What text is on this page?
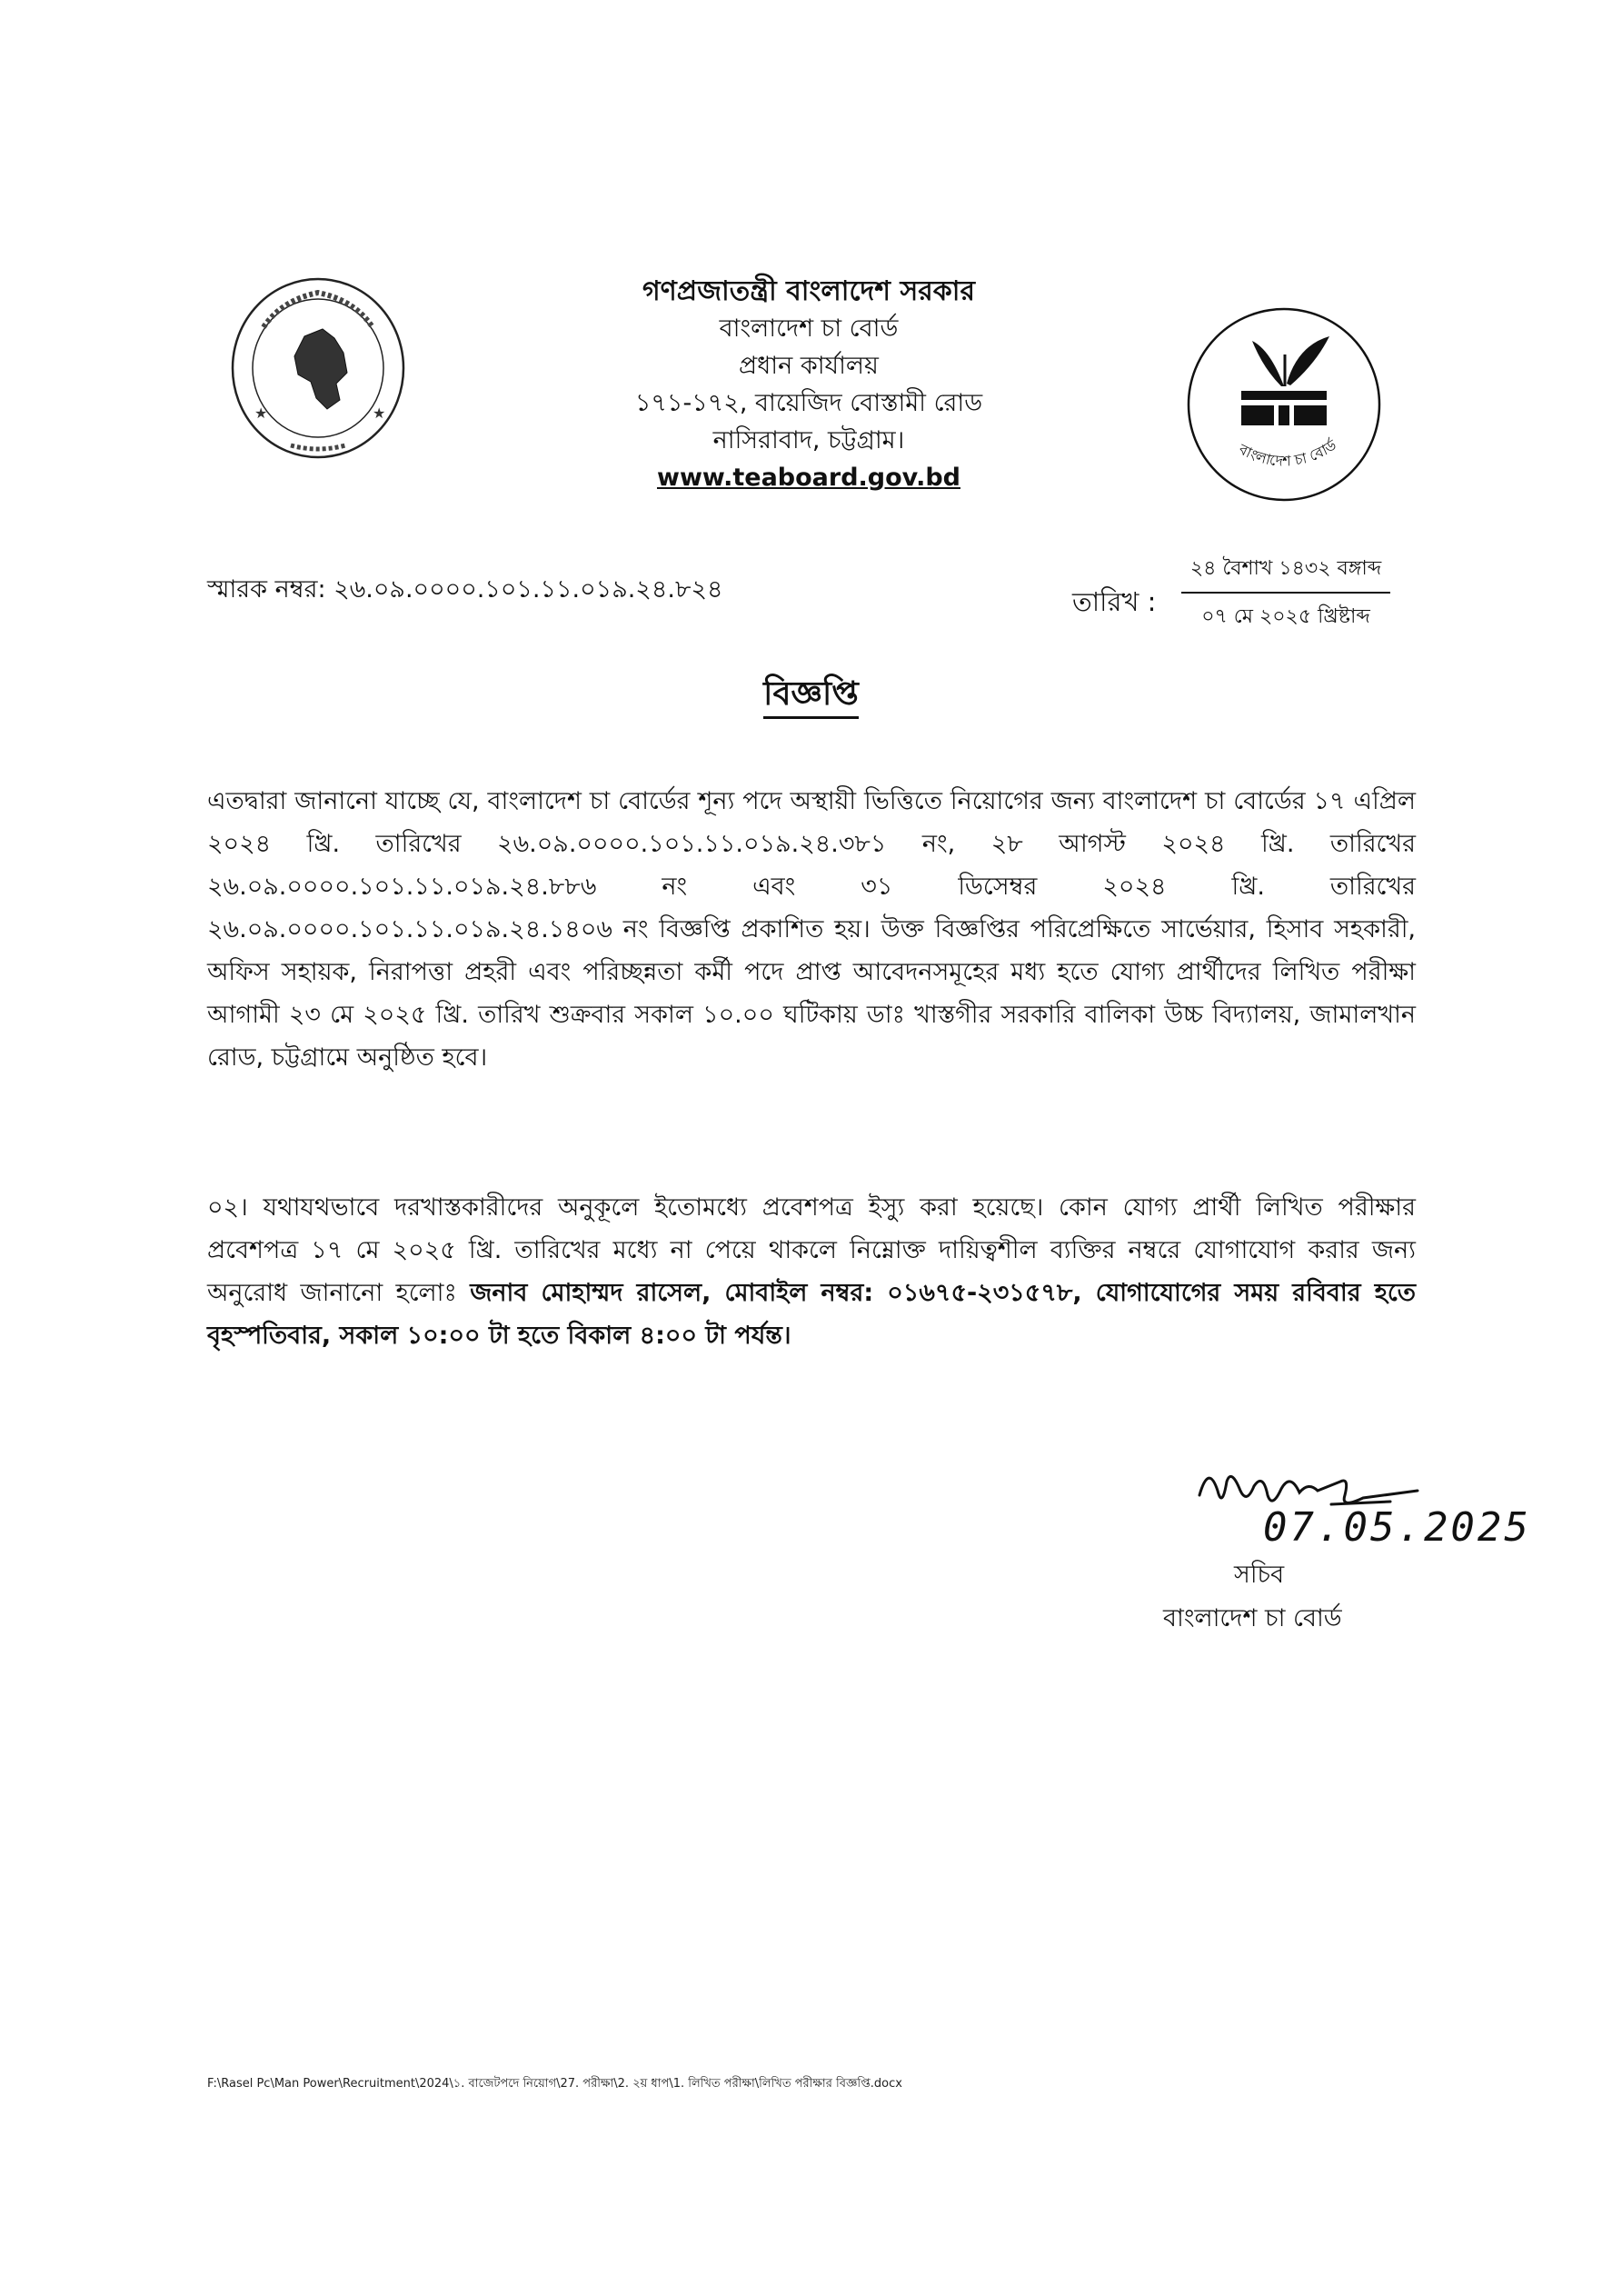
★	★
গণপ্রজাতন্ত্রী বাংলাদেশ সরকার
বাংলাদেশ চা বোর্ড
প্রধান কার্যালয়
১৭১-১৭২, বায়েজিদ বোস্তামী রোড
নাসিরাবাদ, চট্টগ্রাম।
www.teaboard.gov.bd
বাংলাদেশ চা বোর্ড
স্মারক নম্বর: ২৬.০৯.০০০০.১০১.১১.০১৯.২৪.৮২৪	তারিখ :
২৪ বৈশাখ ১৪৩২ বঙ্গাব্দ
০৭ মে ২০২৫ খ্রিষ্টাব্দ
বিজ্ঞপ্তি
এতদ্বারা জানানো যাচ্ছে যে, বাংলাদেশ চা বোর্ডের শূন্য পদে অস্থায়ী ভিত্তিতে নিয়োগের জন্য বাংলাদেশ চা বোর্ডের ১৭ এপ্রিল ২০২৪ খ্রি. তারিখের ২৬.০৯.০০০০.১০১.১১.০১৯.২৪.৩৮১ নং, ২৮ আগস্ট ২০২৪ খ্রি. তারিখের ২৬.০৯.০০০০.১০১.১১.০১৯.২৪.৮৮৬ নং এবং ৩১ ডিসেম্বর ২০২৪ খ্রি. তারিখের ২৬.০৯.০০০০.১০১.১১.০১৯.২৪.১৪০৬ নং বিজ্ঞপ্তি প্রকাশিত হয়। উক্ত বিজ্ঞপ্তির পরিপ্রেক্ষিতে সার্ভেয়ার, হিসাব সহকারী, অফিস সহায়ক, নিরাপত্তা প্রহরী এবং পরিচ্ছন্নতা কর্মী পদে প্রাপ্ত আবেদনসমূহের মধ্য হতে যোগ্য প্রার্থীদের লিখিত পরীক্ষা আগামী ২৩ মে ২০২৫ খ্রি. তারিখ শুক্রবার সকাল ১০.০০ ঘটিকায় ডাঃ খাস্তগীর সরকারি বালিকা উচ্চ বিদ্যালয়, জামালখান রোড, চট্টগ্রামে অনুষ্ঠিত হবে।
০২। যথাযথভাবে দরখাস্তকারীদের অনুকূলে ইতোমধ্যে প্রবেশপত্র ইস্যু করা হয়েছে। কোন যোগ্য প্রার্থী লিখিত পরীক্ষার প্রবেশপত্র ১৭ মে ২০২৫ খ্রি. তারিখের মধ্যে না পেয়ে থাকলে নিম্নোক্ত দায়িত্বশীল ব্যক্তির নম্বরে যোগাযোগ করার জন্য অনুরোধ জানানো হলোঃ জনাব মোহাম্মদ রাসেল, মোবাইল নম্বর: ০১৬৭৫-২৩১৫৭৮, যোগাযোগের সময় রবিবার হতে বৃহস্পতিবার, সকাল ১০:০০ টা হতে বিকাল ৪:০০ টা পর্যন্ত।
07.05.2025
সচিব
বাংলাদেশ চা বোর্ড
F:\Rasel Pc\Man Power\Recruitment\2024\১. বাজেটপদে নিয়োগ\27. পরীক্ষা\2. ২য় ধাপ\1. লিখিত পরীক্ষা\লিখিত পরীক্ষার বিজ্ঞপ্তি.docx
